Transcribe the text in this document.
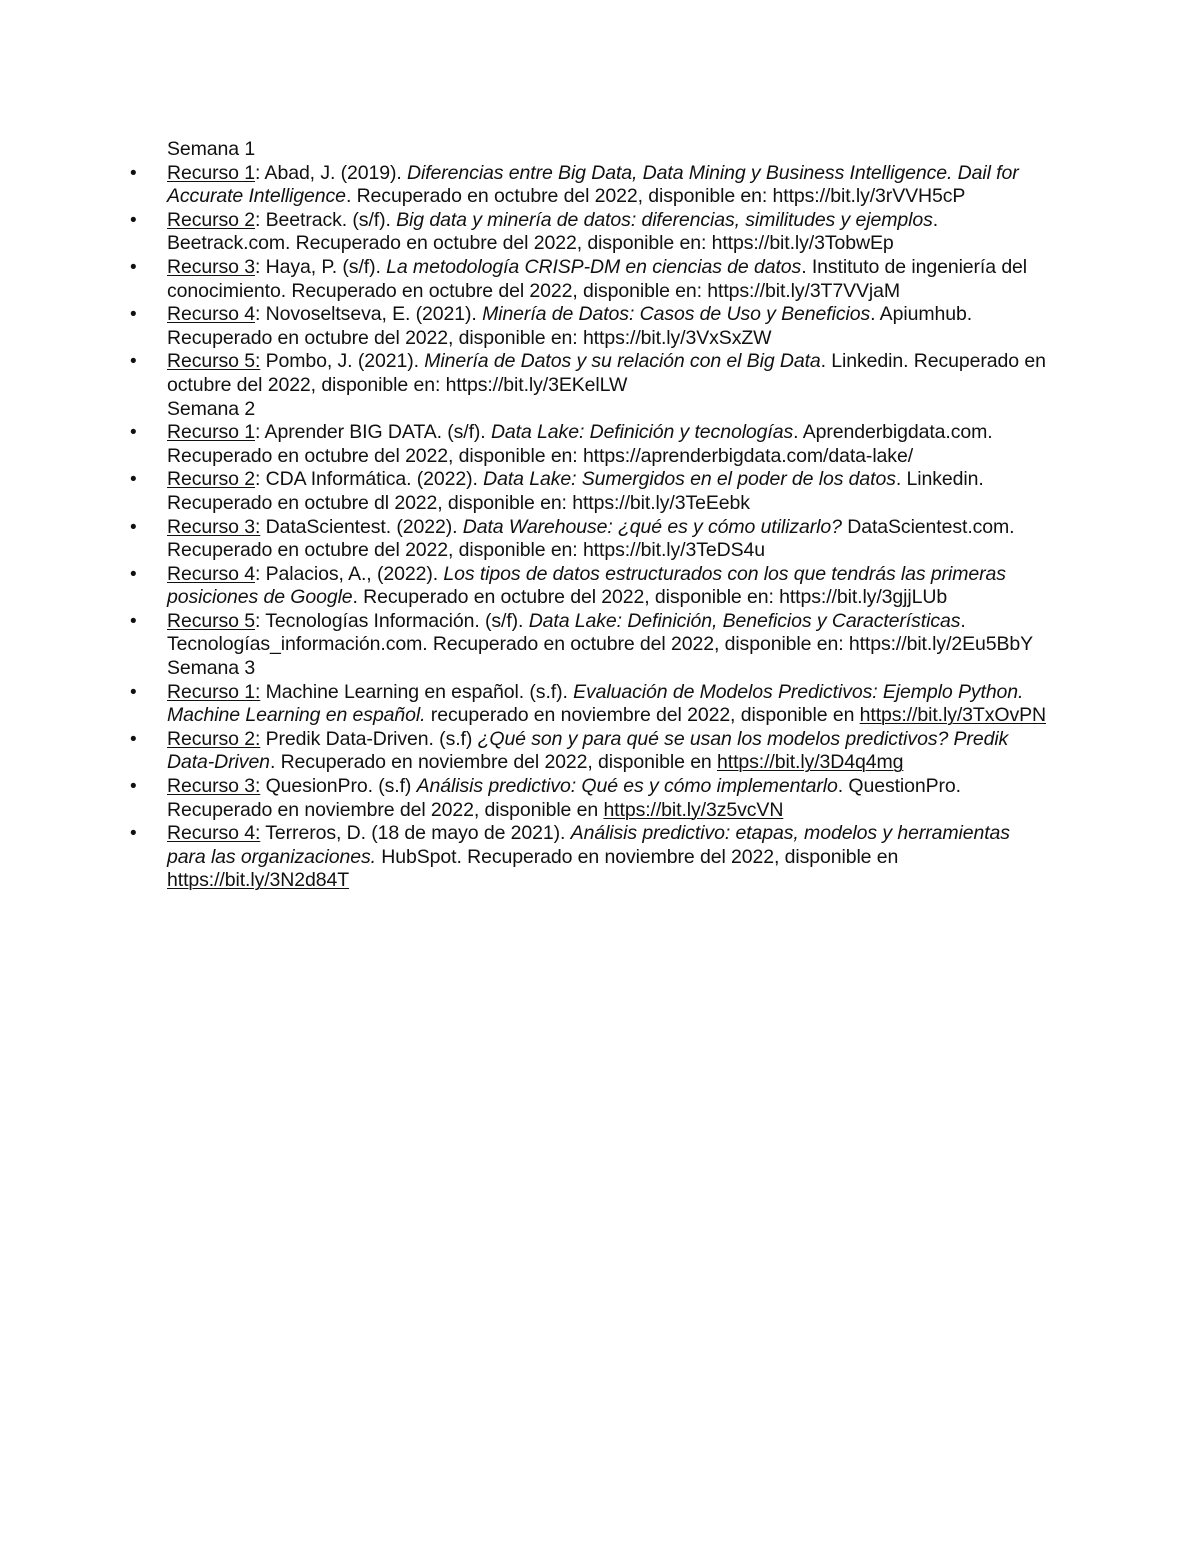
Semana 1
• Recurso 1: Abad, J. (2019). Diferencias entre Big Data, Data Mining y Business Intelligence. Dail for Accurate Intelligence. Recuperado en octubre del 2022, disponible en: https://bit.ly/3rVVH5cP
• Recurso 2: Beetrack. (s/f). Big data y minería de datos: diferencias, similitudes y ejemplos. Beetrack.com. Recuperado en octubre del 2022, disponible en: https://bit.ly/3TobwEp
• Recurso 3: Haya, P. (s/f). La metodología CRISP-DM en ciencias de datos. Instituto de ingeniería del conocimiento. Recuperado en octubre del 2022, disponible en: https://bit.ly/3T7VVjaM
• Recurso 4: Novoseltseva, E. (2021). Minería de Datos: Casos de Uso y Beneficios. Apiumhub. Recuperado en octubre del 2022, disponible en: https://bit.ly/3VxSxZW
• Recurso 5: Pombo, J. (2021). Minería de Datos y su relación con el Big Data. Linkedin. Recuperado en octubre del 2022, disponible en: https://bit.ly/3EKelLW
Semana 2
• Recurso 1: Aprender BIG DATA. (s/f). Data Lake: Definición y tecnologías. Aprenderbigdata.com. Recuperado en octubre del 2022, disponible en: https://aprenderbigdata.com/data-lake/
• Recurso 2: CDA Informática. (2022). Data Lake: Sumergidos en el poder de los datos. Linkedin. Recuperado en octubre dl 2022, disponible en: https://bit.ly/3TeEebk
• Recurso 3: DataScientest. (2022). Data Warehouse: ¿qué es y cómo utilizarlo? DataScientest.com. Recuperado en octubre del 2022, disponible en: https://bit.ly/3TeDS4u
• Recurso 4: Palacios, A., (2022). Los tipos de datos estructurados con los que tendrás las primeras posiciones de Google. Recuperado en octubre del 2022, disponible en: https://bit.ly/3gjjLUb
• Recurso 5: Tecnologías Información. (s/f). Data Lake: Definición, Beneficios y Características. Tecnologías_información.com. Recuperado en octubre del 2022, disponible en: https://bit.ly/2Eu5BbY
Semana 3
• Recurso 1: Machine Learning en español. (s.f). Evaluación de Modelos Predictivos: Ejemplo Python. Machine Learning en español. recuperado en noviembre del 2022, disponible en https://bit.ly/3TxOvPN
• Recurso 2: Predik Data-Driven. (s.f) ¿Qué son y para qué se usan los modelos predictivos? Predik Data-Driven. Recuperado en noviembre del 2022, disponible en https://bit.ly/3D4q4mg
• Recurso 3: QuesionPro. (s.f) Análisis predictivo: Qué es y cómo implementarlo. QuestionPro. Recuperado en noviembre del 2022, disponible en https://bit.ly/3z5vcVN
• Recurso 4: Terreros, D. (18 de mayo de 2021). Análisis predictivo: etapas, modelos y herramientas para las organizaciones. HubSpot. Recuperado en noviembre del 2022, disponible en https://bit.ly/3N2d84T
